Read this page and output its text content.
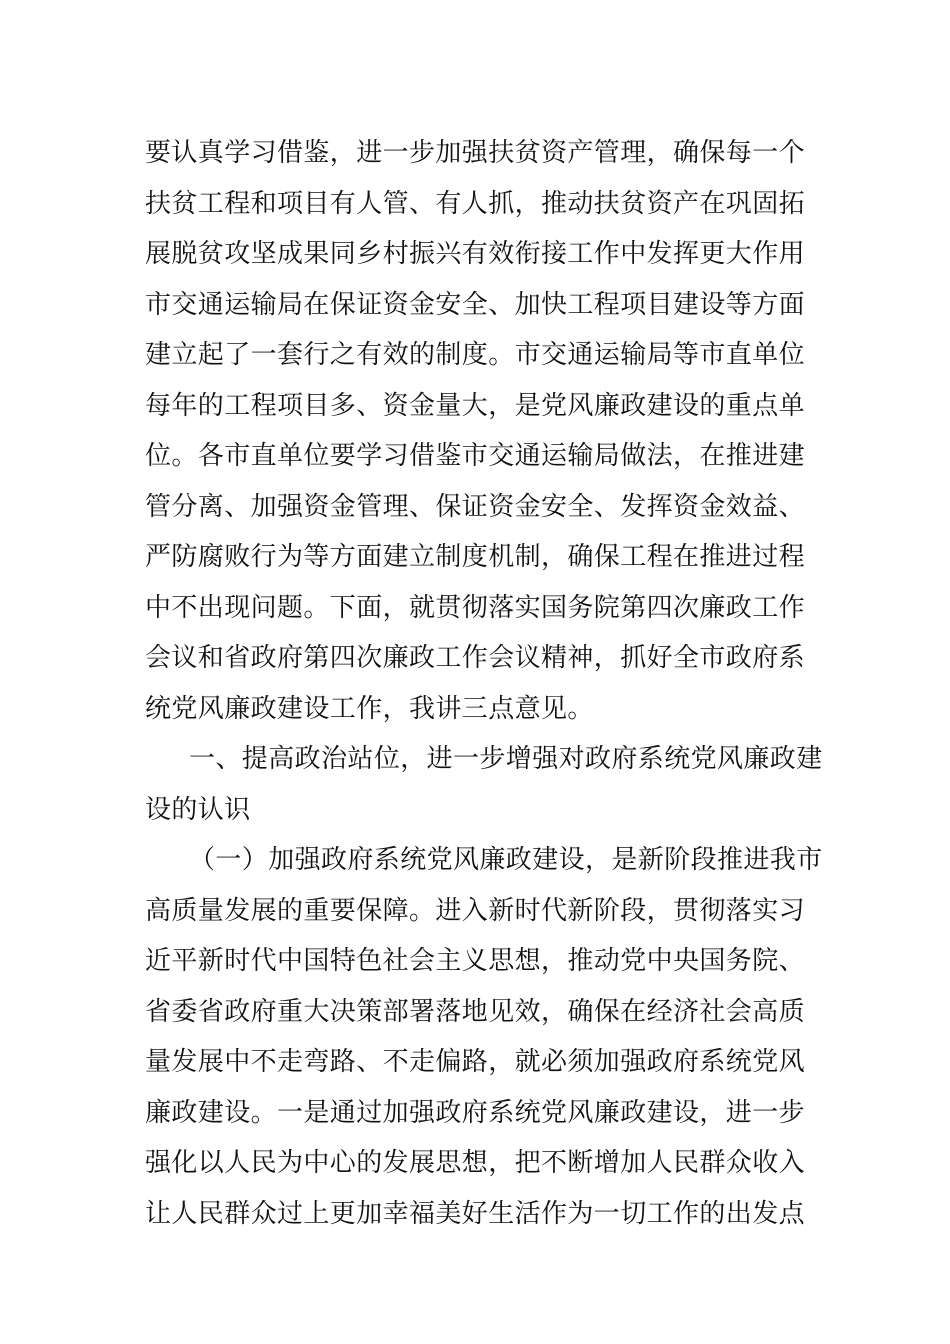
要认真学习借鉴，进一步加强扶贫资产管理，确保每一个
扶贫工程和项目有人管、有人抓，推动扶贫资产在巩固拓
展脱贫攻坚成果同乡村振兴有效衔接工作中发挥更大作用
市交通运输局在保证资金安全、加快工程项目建设等方面
建立起了一套行之有效的制度。市交通运输局等市直单位
每年的工程项目多、资金量大，是党风廉政建设的重点单
位。各市直单位要学习借鉴市交通运输局做法，在推进建
管分离、加强资金管理、保证资金安全、发挥资金效益、
严防腐败行为等方面建立制度机制，确保工程在推进过程
中不出现问题。下面，就贯彻落实国务院第四次廉政工作
会议和省政府第四次廉政工作会议精神，抓好全市政府系
统党风廉政建设工作，我讲三点意见。
一、提高政治站位，进一步增强对政府系统党风廉政建
设的认识
（一）加强政府系统党风廉政建设，是新阶段推进我市
高质量发展的重要保障。进入新时代新阶段，贯彻落实习
近平新时代中国特色社会主义思想，推动党中央国务院、
省委省政府重大决策部署落地见效，确保在经济社会高质
量发展中不走弯路、不走偏路，就必须加强政府系统党风
廉政建设。一是通过加强政府系统党风廉政建设，进一步
强化以人民为中心的发展思想，把不断增加人民群众收入
让人民群众过上更加幸福美好生活作为一切工作的出发点
